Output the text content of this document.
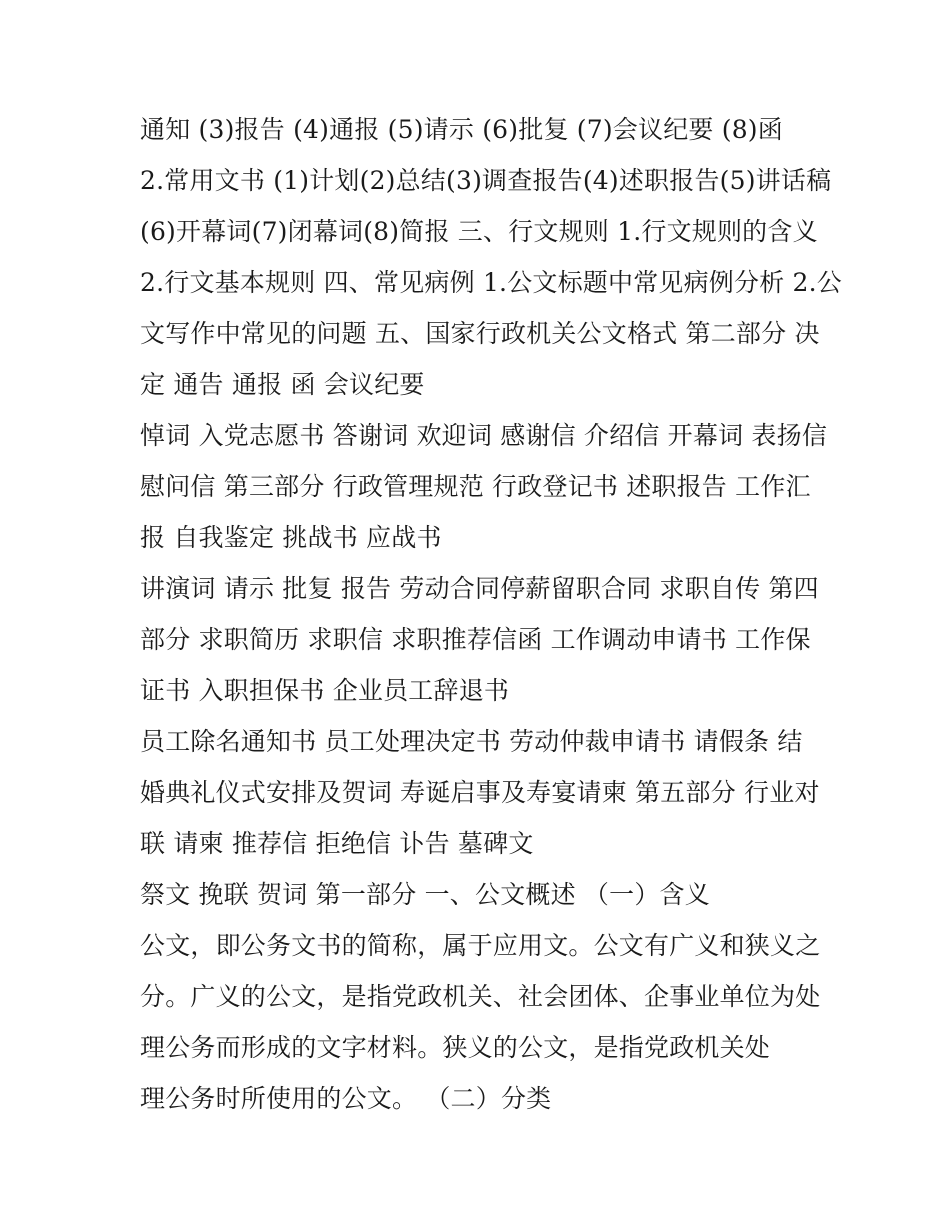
通知 (3)报告 (4)通报 (5)请示 (6)批复 (7)会议纪要 (8)函
2.常用文书 (1)计划(2)总结(3)调查报告(4)述职报告(5)讲话稿
(6)开幕词(7)闭幕词(8)简报 三、行文规则 1.行文规则的含义
2.行文基本规则 四、常见病例 1.公文标题中常见病例分析 2.公
文写作中常见的问题 五、国家行政机关公文格式 第二部分 决
定 通告 通报 函 会议纪要
悼词 入党志愿书 答谢词 欢迎词 感谢信 介绍信 开幕词 表扬信
慰问信 第三部分 行政管理规范 行政登记书 述职报告 工作汇
报 自我鉴定 挑战书 应战书
讲演词 请示 批复 报告 劳动合同停薪留职合同 求职自传 第四
部分 求职简历 求职信 求职推荐信函 工作调动申请书 工作保
证书 入职担保书 企业员工辞退书
员工除名通知书 员工处理决定书 劳动仲裁申请书 请假条 结
婚典礼仪式安排及贺词 寿诞启事及寿宴请柬 第五部分 行业对
联 请柬 推荐信 拒绝信 讣告 墓碑文
祭文 挽联 贺词 第一部分 一、公文概述 （一）含义
公文，即公务文书的简称，属于应用文。公文有广义和狭义之
分。广义的公文，是指党政机关、社会团体、企事业单位为处
理公务而形成的文字材料。狭义的公文，是指党政机关处
理公务时所使用的公文。 （二）分类
